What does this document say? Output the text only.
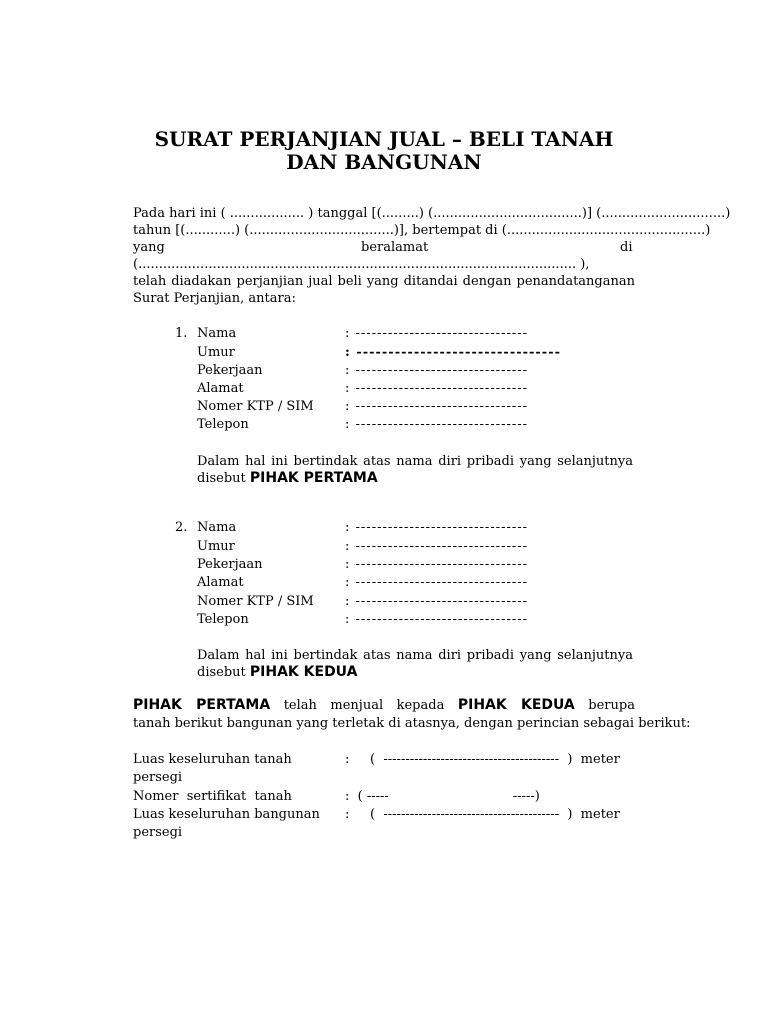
SURAT PERJANJIAN JUAL – BELI TANAH
DAN BANGUNAN
Pada hari ini ( .................. ) tanggal [(.........) (....................................)] (..............................)
tahun [(............) (...................................)], bertempat di (................................................)
yang	beralamat	di
(.......................................................................................................... ),
telah diadakan perjanjian jual beli yang ditandai dengan penandatanganan
Surat Perjanjian, antara:
1. Nama	: --------------------------------
Umur	: --------------------------------
Pekerjaan	: --------------------------------
Alamat	: --------------------------------
Nomer KTP / SIM : --------------------------------
Telepon	: --------------------------------
Dalam hal ini bertindak atas nama diri pribadi yang selanjutnya
disebut PIHAK PERTAMA
2. Nama	: --------------------------------
Umur	: --------------------------------
Pekerjaan	: --------------------------------
Alamat	: --------------------------------
Nomer KTP / SIM : --------------------------------
Telepon	: --------------------------------
Dalam hal ini bertindak atas nama diri pribadi yang selanjutnya
disebut PIHAK KEDUA
PIHAK PERTAMA telah menjual kepada PIHAK KEDUA berupa
tanah berikut bangunan yang terletak di atasnya, dengan perincian sebagai berikut:
Luas keseluruhan tanah	:     (  ----------------------------------------  )  meter
persegi
Nomer  sertifikat  tanah	:  ( -----                              -----)
Luas keseluruhan bangunan :     (  ----------------------------------------  )  meter
persegi
